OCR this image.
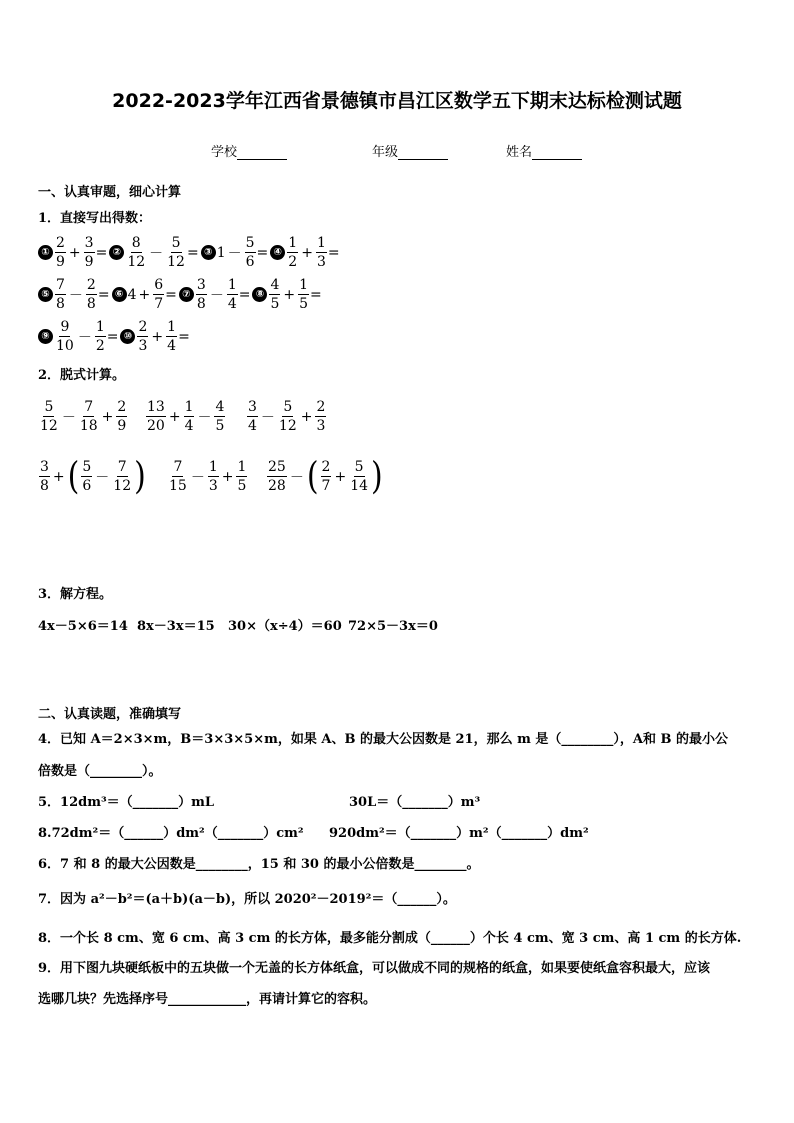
2022-2023学年江西省景德镇市昌江区数学五下期末达标检测试题
学校	年级	姓名
一、认真审题，细心计算
1．直接写出得数：
① $\frac{2}{9} + \frac{3}{9}$ = ② $\frac{8}{12} - \frac{5}{12}$ = ③ $1 - \frac{5}{6}$ = ④ $\frac{1}{2} + \frac{1}{3}$ =
⑤ $\frac{7}{8} - \frac{2}{8}$ = ⑥ $4 + \frac{6}{7}$ = ⑦ $\frac{3}{8} - \frac{1}{4}$ = ⑧ $\frac{4}{5} + \frac{1}{5}$ =
⑨ $\frac{9}{10} - \frac{1}{2}$ = ⑩ $\frac{2}{3} + \frac{1}{4}$ =
2．脱式计算。
$\frac{5}{12} - \frac{7}{18} + \frac{2}{9} \frac{13}{20} + \frac{1}{4} - \frac{4}{5} \frac{3}{4} - \frac{5}{12} + \frac{2}{3}$
$\frac{3}{8}$ + ( $\frac{5}{6} - \frac{7}{12}$ ) $\frac{7}{15} - \frac{1}{3} + \frac{1}{5} \frac{25}{28}$ － ( $\frac{2}{7} + \frac{5}{14}$ )
3．解方程。
4x－5×6＝14 8x－3x＝15 30×（x÷4）＝60 72×5－3x＝0
二、认真读题，准确填写
4．已知 A＝2×3×m，B＝3×3×5×m，如果 A、B 的最大公因数是 21，那么 m 是（________），A和 B 的最小公
倍数是（________）。
5．12dm³＝（_______）mL	30L＝（_______）m³
8.72dm²＝（______）dm²（_______）cm² 920dm²＝（_______）m²（_______）dm²
6．7 和 8 的最大公因数是________，15 和 30 的最小公倍数是________。
7．因为 a²－b²＝(a＋b)(a－b)，所以 2020²－2019²＝（______）。
8．一个长 8 cm、宽 6 cm、高 3 cm 的长方体，最多能分割成（______）个长 4 cm、宽 3 cm、高 1 cm 的长方体.
9．用下图九块硬纸板中的五块做一个无盖的长方体纸盒，可以做成不同的规格的纸盒，如果要使纸盒容积最大，应该
选哪几块？先选择序号____________，再请计算它的容积。
